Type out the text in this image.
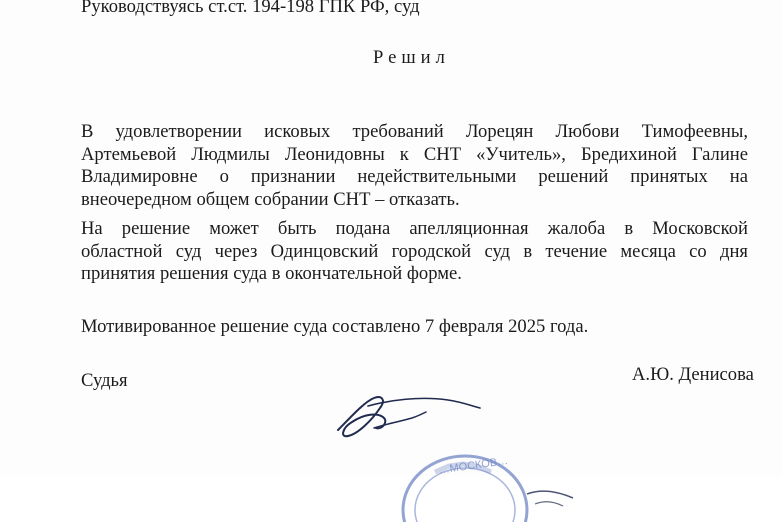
Руководствуясь ст.ст. 194-198 ГПК РФ, суд
Решил
В удовлетворении исковых требований Лорецян Любови Тимофеевны,
Артемьевой Людмилы Леонидовны к СНТ «Учитель», Бредихиной Галине
Владимировне о признании недействительными решений принятых на
внеочередном общем собрании СНТ – отказать.
На решение может быть подана апелляционная жалоба в Московской
областной суд через Одинцовский городской суд в течение месяца со дня
принятия решения суда в окончательной форме.
Мотивированное решение суда составлено 7 февраля 2025 года.
Судья	А.Ю. Денисова
…МОСКОВ…
